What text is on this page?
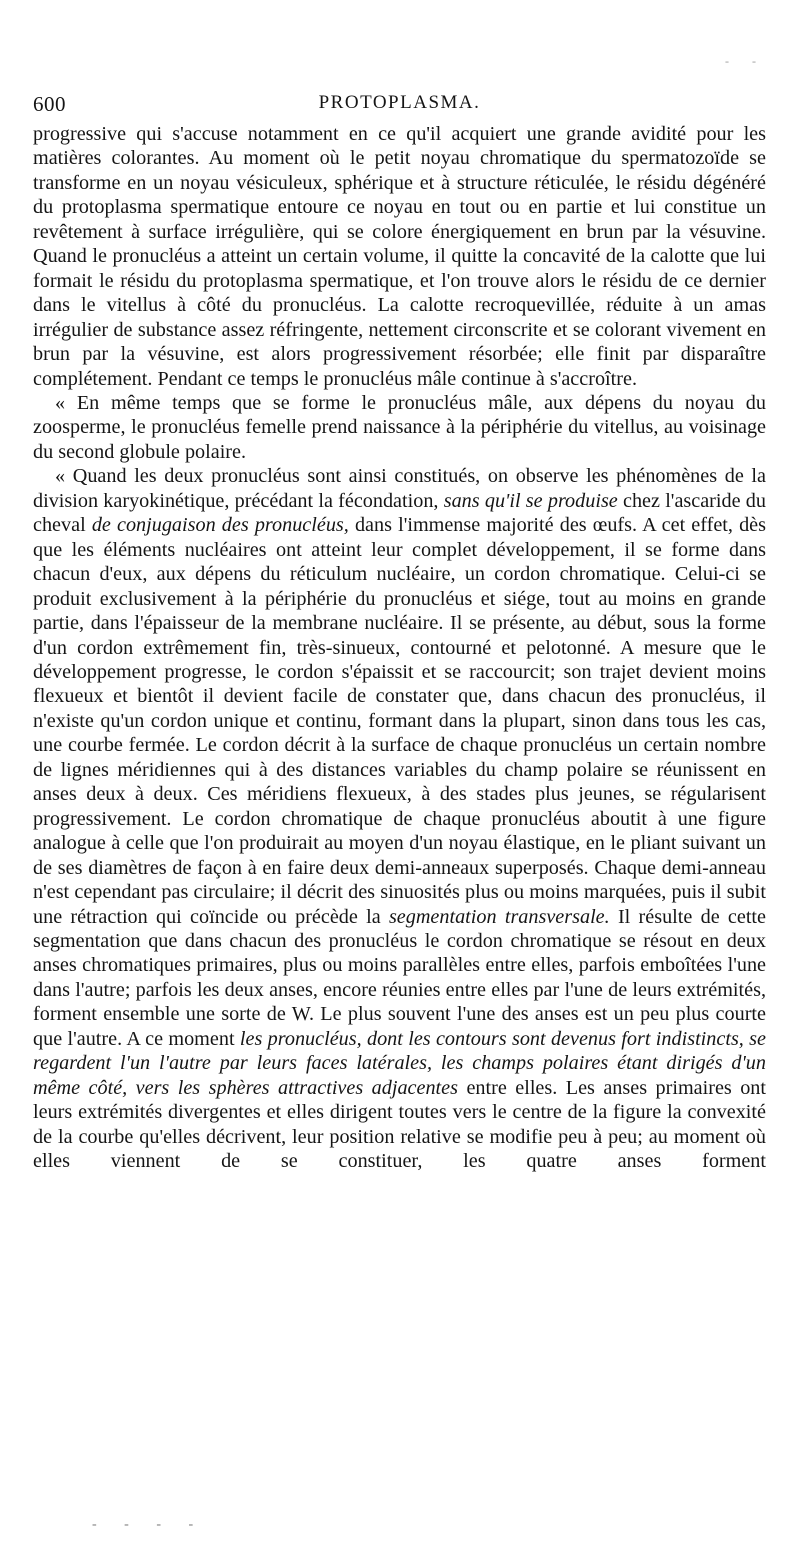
- -
600	PROTOPLASMA.

progressive qui s'accuse notamment en ce qu'il acquiert une grande avidité pour les matières colorantes. Au moment où le petit noyau chromatique du spermatozoïde se transforme en un noyau vésiculeux, sphérique et à structure réticulée, le résidu dégénéré du protoplasma spermatique entoure ce noyau en tout ou en partie et lui constitue un revêtement à surface irrégulière, qui se colore énergiquement en brun par la vésuvine. Quand le pronucléus a atteint un certain volume, il quitte la concavité de la calotte que lui formait le résidu du protoplasma spermatique, et l'on trouve alors le résidu de ce dernier dans le vitellus à côté du pronucléus. La calotte recroquevillée, réduite à un amas irrégulier de substance assez réfringente, nettement circonscrite et se colorant vivement en brun par la vésuvine, est alors progressivement résorbée; elle finit par disparaître complétement. Pendant ce temps le pronucléus mâle continue à s'accroître.

« En même temps que se forme le pronucléus mâle, aux dépens du noyau du zoosperme, le pronucléus femelle prend naissance à la périphérie du vitellus, au voisinage du second globule polaire.

« Quand les deux pronucléus sont ainsi constitués, on observe les phénomènes de la division karyokinétique, précédant la fécondation, sans qu'il se produise chez l'ascaride du cheval de conjugaison des pronucléus, dans l'immense majorité des œufs. A cet effet, dès que les éléments nucléaires ont atteint leur complet développement, il se forme dans chacun d'eux, aux dépens du réticulum nucléaire, un cordon chromatique. Celui-ci se produit exclusivement à la périphérie du pronucléus et siége, tout au moins en grande partie, dans l'épaisseur de la membrane nucléaire. Il se présente, au début, sous la forme d'un cordon extrêmement fin, très-sinueux, contourné et pelotonné. A mesure que le développement progresse, le cordon s'épaissit et se raccourcit; son trajet devient moins flexueux et bientôt il devient facile de constater que, dans chacun des pronucléus, il n'existe qu'un cordon unique et continu, formant dans la plupart, sinon dans tous les cas, une courbe fermée. Le cordon décrit à la surface de chaque pronucléus un certain nombre de lignes méridiennes qui à des distances variables du champ polaire se réunissent en anses deux à deux. Ces méridiens flexueux, à des stades plus jeunes, se régularisent progressivement. Le cordon chromatique de chaque pronucléus aboutit à une figure analogue à celle que l'on produirait au moyen d'un noyau élastique, en le pliant suivant un de ses diamètres de façon à en faire deux demi-anneaux superposés. Chaque demi-anneau n'est cependant pas circulaire; il décrit des sinuosités plus ou moins marquées, puis il subit une rétraction qui coïncide ou précède la segmentation transversale. Il résulte de cette segmentation que dans chacun des pronucléus le cordon chromatique se résout en deux anses chromatiques primaires, plus ou moins parallèles entre elles, parfois emboîtées l'une dans l'autre; parfois les deux anses, encore réunies entre elles par l'une de leurs extrémités, forment ensemble une sorte de W. Le plus souvent l'une des anses est un peu plus courte que l'autre. A ce moment les pronucléus, dont les contours sont devenus fort indistincts, se regardent l'un l'autre par leurs faces latérales, les champs polaires étant dirigés d'un même côté, vers les sphères attractives adjacentes entre elles. Les anses primaires ont leurs extrémités divergentes et elles dirigent toutes vers le centre de la figure la convexité de la courbe qu'elles décrivent, leur position relative se modifie peu à peu; au moment où elles viennent de se constituer, les quatre anses forment

- - - -
